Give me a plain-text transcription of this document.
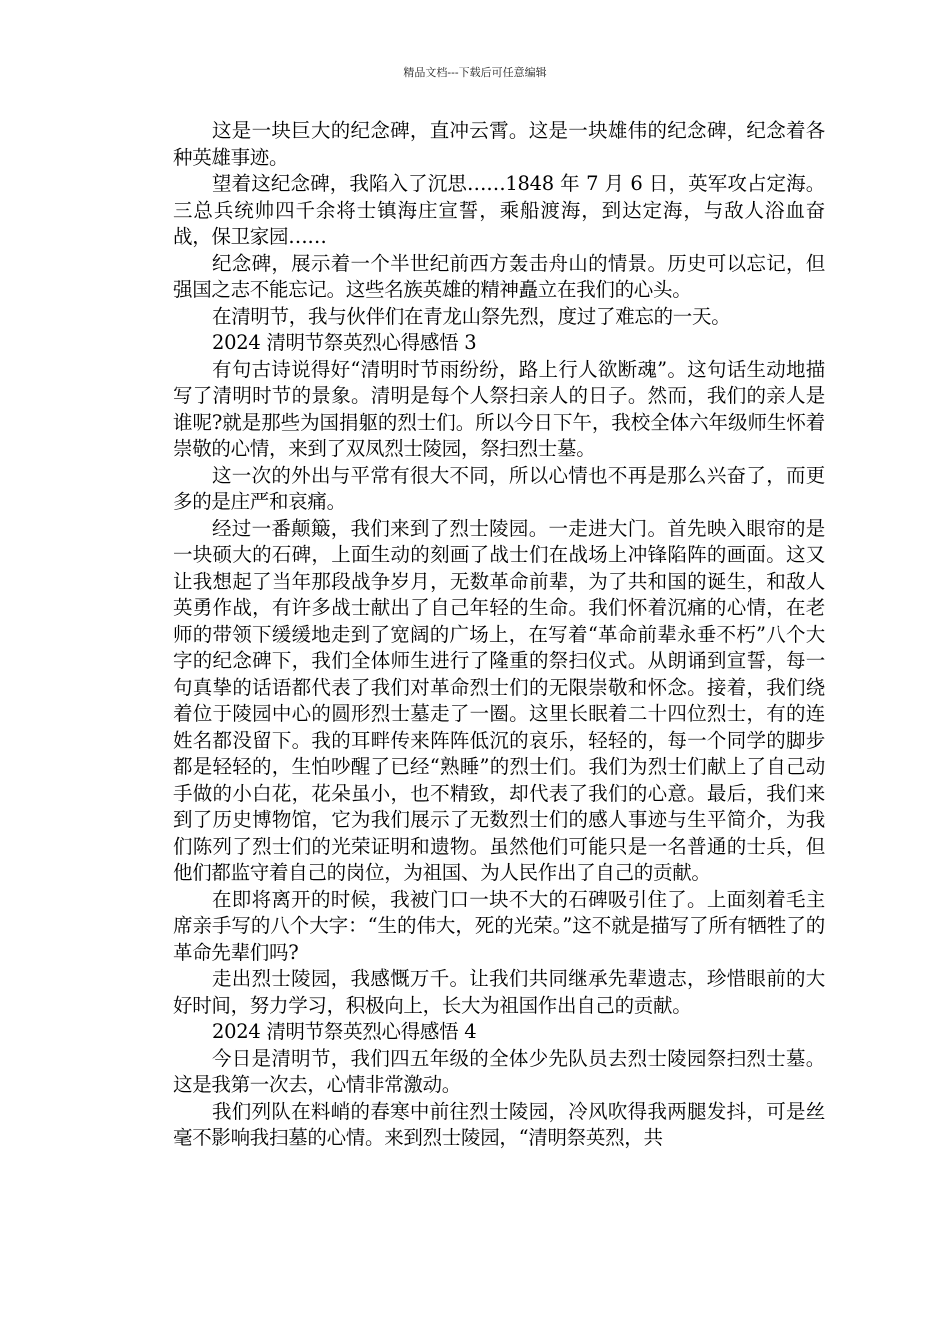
精品文档---下载后可任意编辑

这是一块巨大的纪念碑，直冲云霄。这是一块雄伟的纪念碑，纪念着各种英雄事迹。

望着这纪念碑，我陷入了沉思……1848 年 7 月 6 日，英军攻占定海。三总兵统帅四千余将士镇海庄宣誓，乘船渡海，到达定海，与敌人浴血奋战，保卫家园……

纪念碑，展示着一个半世纪前西方轰击舟山的情景。历史可以忘记，但强国之志不能忘记。这些名族英雄的精神矗立在我们的心头。

在清明节，我与伙伴们在青龙山祭先烈，度过了难忘的一天。

2024 清明节祭英烈心得感悟 3

有句古诗说得好“清明时节雨纷纷，路上行人欲断魂”。这句话生动地描写了清明时节的景象。清明是每个人祭扫亲人的日子。然而，我们的亲人是谁呢?就是那些为国捐躯的烈士们。所以今日下午，我校全体六年级师生怀着崇敬的心情，来到了双凤烈士陵园，祭扫烈士墓。

这一次的外出与平常有很大不同，所以心情也不再是那么兴奋了，而更多的是庄严和哀痛。

经过一番颠簸，我们来到了烈士陵园。一走进大门。首先映入眼帘的是一块硕大的石碑，上面生动的刻画了战士们在战场上冲锋陷阵的画面。这又让我想起了当年那段战争岁月，无数革命前辈，为了共和国的诞生，和敌人英勇作战，有许多战士献出了自己年轻的生命。我们怀着沉痛的心情，在老师的带领下缓缓地走到了宽阔的广场上，在写着“革命前辈永垂不朽”八个大字的纪念碑下，我们全体师生进行了隆重的祭扫仪式。从朗诵到宣誓，每一句真挚的话语都代表了我们对革命烈士们的无限崇敬和怀念。接着，我们绕着位于陵园中心的圆形烈士墓走了一圈。这里长眠着二十四位烈士，有的连姓名都没留下。我的耳畔传来阵阵低沉的哀乐，轻轻的，每一个同学的脚步都是轻轻的，生怕吵醒了已经“熟睡”的烈士们。我们为烈士们献上了自己动手做的小白花，花朵虽小，也不精致，却代表了我们的心意。最后，我们来到了历史博物馆，它为我们展示了无数烈士们的感人事迹与生平简介，为我们陈列了烈士们的光荣证明和遗物。虽然他们可能只是一名普通的士兵，但他们都监守着自己的岗位，为祖国、为人民作出了自己的贡献。

在即将离开的时候，我被门口一块不大的石碑吸引住了。上面刻着毛主席亲手写的八个大字：“生的伟大，死的光荣。”这不就是描写了所有牺牲了的革命先辈们吗?

走出烈士陵园，我感慨万千。让我们共同继承先辈遗志，珍惜眼前的大好时间，努力学习，积极向上，长大为祖国作出自己的贡献。

2024 清明节祭英烈心得感悟 4

今日是清明节，我们四五年级的全体少先队员去烈士陵园祭扫烈士墓。这是我第一次去，心情非常激动。

我们列队在料峭的春寒中前往烈士陵园，冷风吹得我两腿发抖，可是丝毫不影响我扫墓的心情。来到烈士陵园，“清明祭英烈，共
